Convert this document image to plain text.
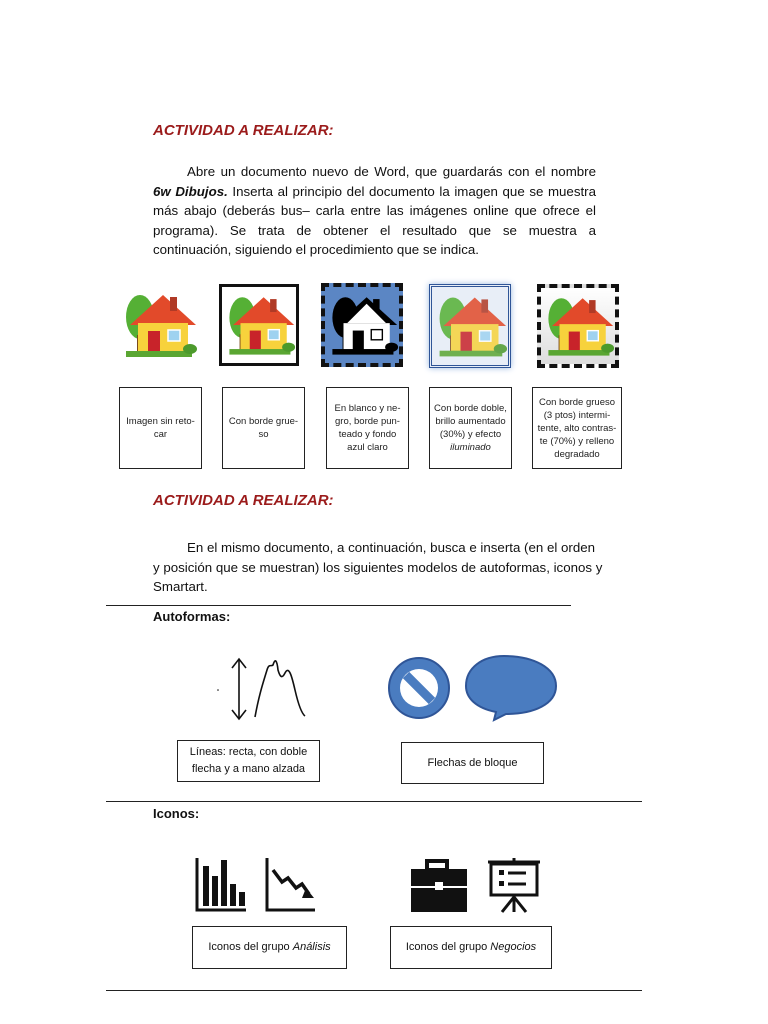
ACTIVIDAD A REALIZAR:
Abre un documento nuevo de Word, que guardarás con el nombre 6w Dibujos. Inserta al principio del documento la imagen que se muestra más abajo (deberás bus– carla entre las imágenes online que ofrece el programa). Se trata de obtener el resultado que se muestra a continuación, siguiendo el procedimiento que se indica.
Imagen sin reto- car
Con borde grue- so
En blanco y ne- gro, borde pun- teado y fondo azul claro
Con borde doble, brillo aumentado (30%) y efecto iluminado
Con borde grueso (3 ptos) intermi- tente, alto contras- te (70%) y relleno degradado
ACTIVIDAD A REALIZAR:
En el mismo documento, a continuación, busca e inserta (en el orden y posición que se muestran) los siguientes modelos de autoformas, iconos y Smartart.
Autoformas:
Líneas: recta, con doble flecha y a mano alzada
Flechas de bloque
Iconos:
Iconos del grupo Análisis	Iconos del grupo Negocios
